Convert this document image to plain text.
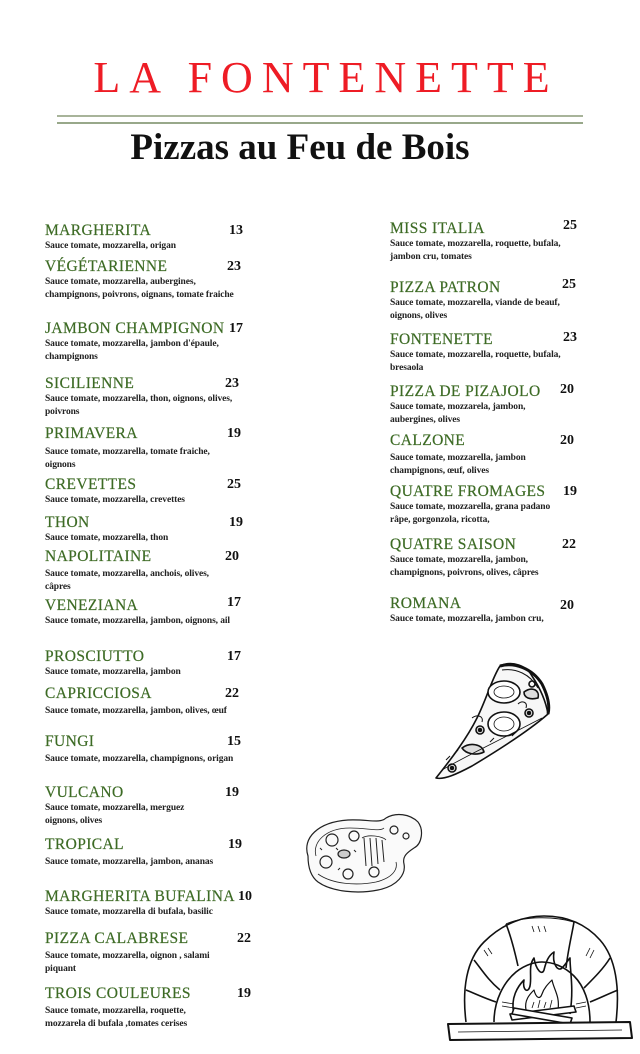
LA FONTENETTE
Pizzas au Feu de Bois
MARGHERITA	13
Sauce tomate, mozzarella, origan
VÉGÉTARIENNE	23
Sauce tomate, mozzarella, aubergines, champignons, poivrons, oignans, tomate fraiche
JAMBON CHAMPIGNON 17
Sauce tomate, mozzarella, jambon d'épaule, champignons
SICILIENNE	23
Sauce tomate, mozzarella, thon, oignons, olives, poivrons
PRIMAVERA	19
Sauce tomate, mozzarella, tomate fraiche, oignons
CREVETTES	25
Sauce tomate, mozzarella, crevettes
THON	19
Sauce tomate, mozzarella, thon
NAPOLITAINE	20
Sauce tomate, mozzarella, anchois, olives, câpres
VENEZIANA	17
Sauce tomate, mozzarella, jambon, oignons, ail
PROSCIUTTO	17
Sauce tomate, mozzarella, jambon
CAPRICCIOSA	22
Sauce tomate, mozzarella, jambon, olives, œuf
FUNGI	15
Sauce tomate, mozzarella, champignons, origan
VULCANO	19
Sauce tomate, mozzarella, merguez oignons, olives
TROPICAL	19
Sauce tomate, mozzarella, jambon, ananas
MARGHERITA BUFALINA 10
Sauce tomate, mozzarella di bufala, basilic
PIZZA CALABRESE	22
Sauce tomate, mozzarella, oignon , salami piquant
TROIS COULEURES	19
Sauce tomate, mozzarella, roquette, mozzarela di bufala ,tomates cerises
MISS ITALIA	25
Sauce tomate, mozzarella, roquette, bufala, jambon cru, tomates
PIZZA PATRON	25
Sauce tomate, mozzarella, viande de beauf, oignons, olives
FONTENETTE	23
Sauce tomate, mozzarella, roquette, bufala, bresaola
PIZZA DE PIZAJOLO 20
Sauce tomate, mozzarela, jambon, aubergines, olives
CALZONE	20
Sauce tomate, mozzarella, jambon champignons, œuf, olives
QUATRE FROMAGES	19
Sauce tomate, mozzarella, grana padano râpe, gorgonzola, ricotta,
QUATRE SAISON	22
Sauce tomate, mozzarella, jambon, champignons, poivrons, olives, câpres
ROMANA	20
Sauce tomate, mozzarella, jambon cru,
